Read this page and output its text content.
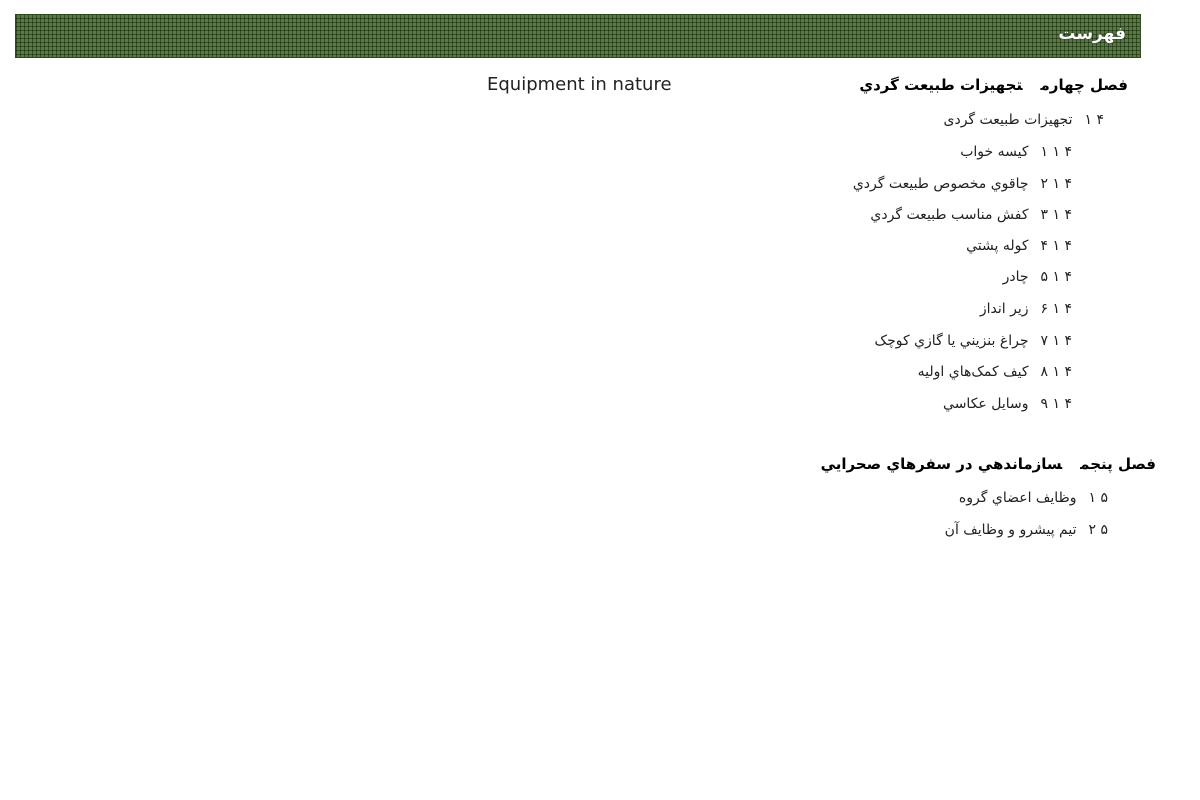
فهرست
Equipment in nature	فصل چهارمتجهيزات طبيعت گردي
۴ ۱تجهيزات طبيعت گردی
۴ ۱ ۱كيسه خواب
۴ ۱ ۲چاقوي مخصوص طبيعت گردي
۴ ۱ ۳كفش مناسب طبيعت گردي
۴ ۱ ۴كوله پشتي
۴ ۱ ۵چادر
۴ ۱ ۶زير انداز
۴ ۱ ۷چراغ بنزيني يا گازي كوچک
۴ ۱ ۸كيف كمک‌هاي اوليه
۴ ۱ ۹وسايل عكاسي
فصل پنجمسازماندهي در سفرهاي صحرايي
۵ ۱وظايف اعضاي گروه
۵ ۲تيم پيشرو و وظايف آن
